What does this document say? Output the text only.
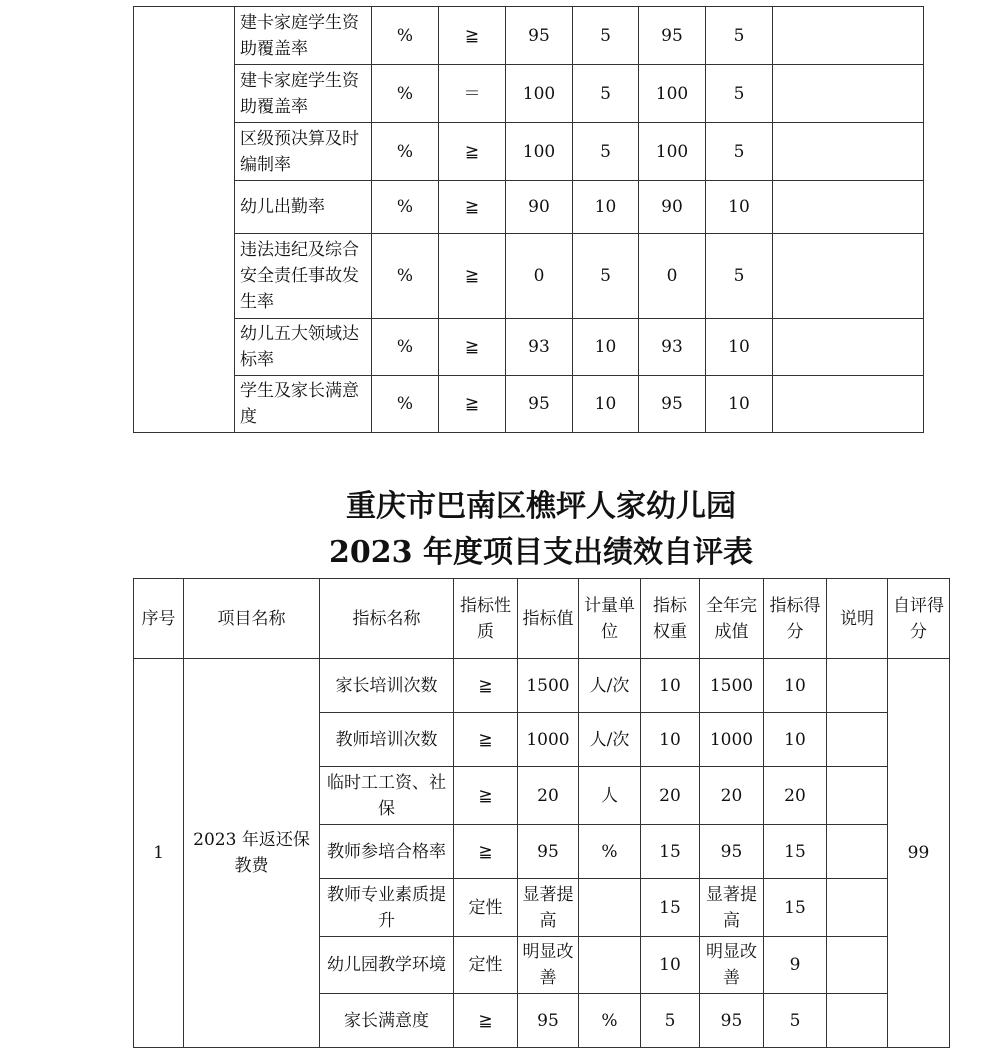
	建卡家庭学生资助覆盖率	%	≧	95	5	95	5	
	建卡家庭学生资助覆盖率	%	＝	100	5	100	5	
	区级预决算及时编制率	%	≧	100	5	100	5	
	幼儿出勤率	%	≧	90	10	90	10	
	违法违纪及综合安全责任事故发生率	%	≧	0	5	0	5	
	幼儿五大领域达标率	%	≧	93	10	93	10	
	学生及家长满意度	%	≧	95	10	95	10	
重庆市巴南区樵坪人家幼儿园
2023 年度项目支出绩效自评表
序号	项目名称	指标名称	指标性质	指标值	计量单位	指标权重	全年完成值	指标得分	说明	自评得分
1	2023 年返还保教费	家长培训次数	≧	1500	人/次	10	1500	10		99
		教师培训次数	≧	1000	人/次	10	1000	10		
		临时工工资、社保	≧	20	人	20	20	20		
		教师参培合格率	≧	95	%	15	95	15		
		教师专业素质提升	定性	显著提高		15	显著提高	15		
		幼儿园教学环境	定性	明显改善		10	明显改善	9		
		家长满意度	≧	95	%	5	95	5		
